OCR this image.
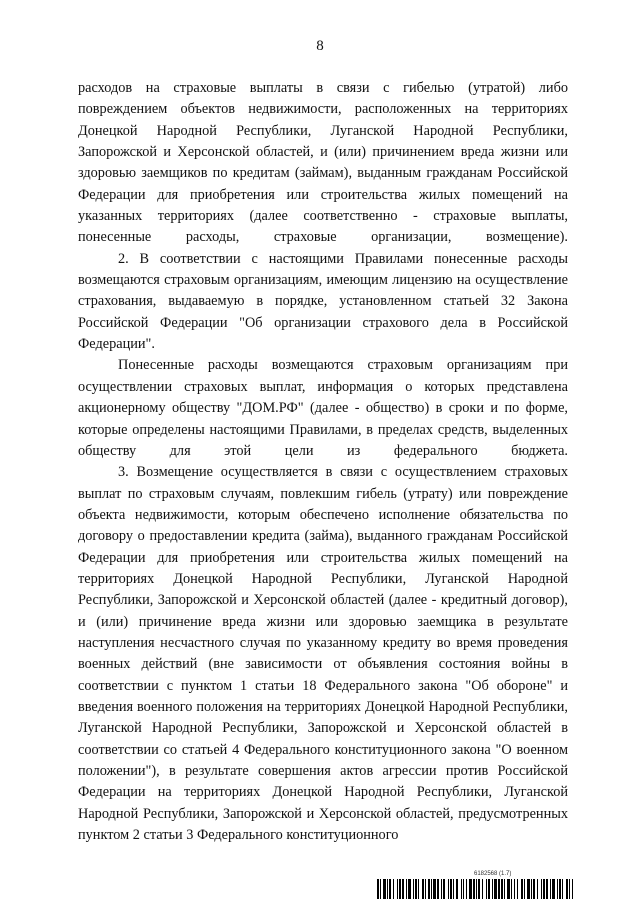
8

расходов на страховые выплаты в связи с гибелью (утратой) либо повреждением объектов недвижимости, расположенных на территориях Донецкой Народной Республики, Луганской Народной Республики, Запорожской и Херсонской областей, и (или) причинением вреда жизни или здоровью заемщиков по кредитам (займам), выданным гражданам Российской Федерации для приобретения или строительства жилых помещений на указанных территориях (далее соответственно - страховые выплаты, понесенные расходы, страховые организации, возмещение).

2. В соответствии с настоящими Правилами понесенные расходы возмещаются страховым организациям, имеющим лицензию на осуществление страхования, выдаваемую в порядке, установленном статьей 32 Закона Российской Федерации "Об организации страхового дела в Российской Федерации".

Понесенные расходы возмещаются страховым организациям при осуществлении страховых выплат, информация о которых представлена акционерному обществу "ДОМ.РФ" (далее - общество) в сроки и по форме, которые определены настоящими Правилами, в пределах средств, выделенных обществу для этой цели из федерального бюджета.

3. Возмещение осуществляется в связи с осуществлением страховых выплат по страховым случаям, повлекшим гибель (утрату) или повреждение объекта недвижимости, которым обеспечено исполнение обязательства по договору о предоставлении кредита (займа), выданного гражданам Российской Федерации для приобретения или строительства жилых помещений на территориях Донецкой Народной Республики, Луганской Народной Республики, Запорожской и Херсонской областей (далее - кредитный договор), и (или) причинение вреда жизни или здоровью заемщика в результате наступления несчастного случая по указанному кредиту во время проведения военных действий (вне зависимости от объявления состояния войны в соответствии с пунктом 1 статьи 18 Федерального закона "Об обороне" и введения военного положения на территориях Донецкой Народной Республики, Луганской Народной Республики, Запорожской и Херсонской областей в соответствии со статьей 4 Федерального конституционного закона "О военном положении"), в результате совершения актов агрессии против Российской Федерации на территориях Донецкой Народной Республики, Луганской Народной Республики, Запорожской и Херсонской областей, предусмотренных пунктом 2 статьи 3 Федерального конституционного

6182568 (1.7)
